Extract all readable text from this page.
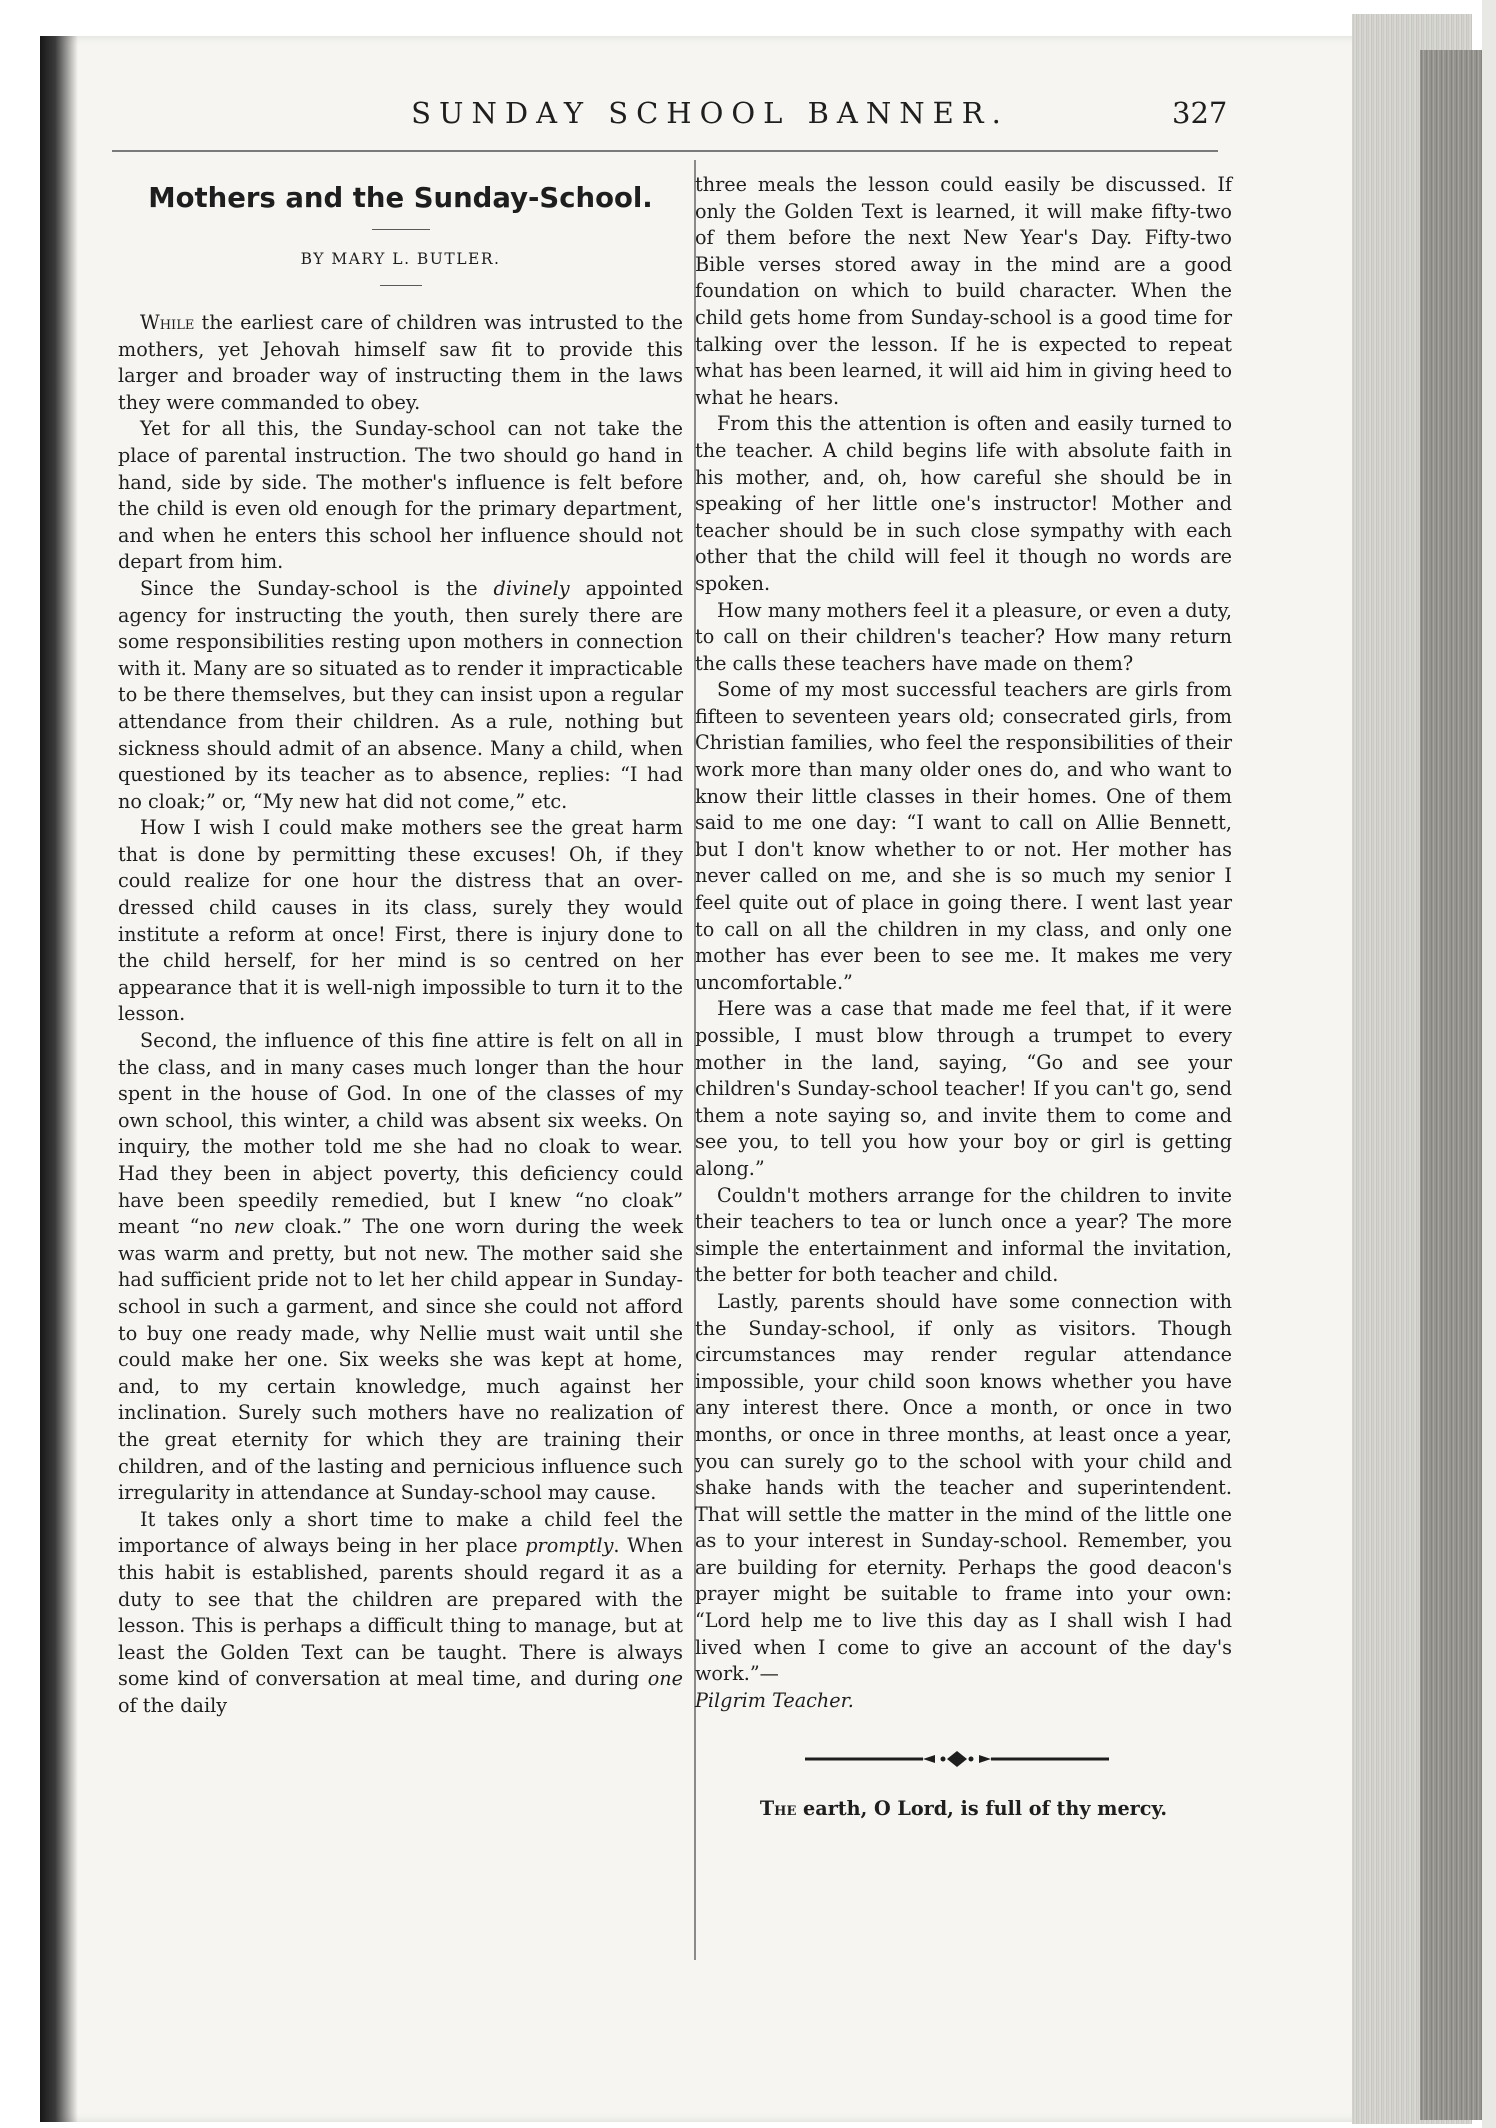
SUNDAY SCHOOL BANNER.	327
Mothers and the Sunday-School.
BY MARY L. BUTLER.

While the earliest care of children was intrusted to the mothers, yet Jehovah himself saw fit to provide this larger and broader way of instructing them in the laws they were commanded to obey.

Yet for all this, the Sunday-school can not take the place of parental instruction. The two should go hand in hand, side by side. The mother's influence is felt before the child is even old enough for the primary department, and when he enters this school her influence should not depart from him.

Since the Sunday-school is the divinely appointed agency for instructing the youth, then surely there are some responsibilities resting upon mothers in connection with it. Many are so situated as to render it impracticable to be there themselves, but they can insist upon a regular attendance from their children. As a rule, nothing but sickness should admit of an absence. Many a child, when questioned by its teacher as to absence, replies: “I had no cloak;” or, “My new hat did not come,” etc.

How I wish I could make mothers see the great harm that is done by permitting these excuses! Oh, if they could realize for one hour the distress that an over-dressed child causes in its class, surely they would institute a reform at once! First, there is injury done to the child herself, for her mind is so centred on her appearance that it is well-nigh impossible to turn it to the lesson.

Second, the influence of this fine attire is felt on all in the class, and in many cases much longer than the hour spent in the house of God. In one of the classes of my own school, this winter, a child was absent six weeks. On inquiry, the mother told me she had no cloak to wear. Had they been in abject poverty, this deficiency could have been speedily remedied, but I knew “no cloak” meant “no new cloak.” The one worn during the week was warm and pretty, but not new. The mother said she had sufficient pride not to let her child appear in Sunday-school in such a garment, and since she could not afford to buy one ready made, why Nellie must wait until she could make her one. Six weeks she was kept at home, and, to my certain knowledge, much against her inclination. Surely such mothers have no realization of the great eternity for which they are training their children, and of the lasting and pernicious influence such irregularity in attendance at Sunday-school may cause.

It takes only a short time to make a child feel the importance of always being in her place promptly. When this habit is established, parents should regard it as a duty to see that the children are prepared with the lesson. This is perhaps a difficult thing to manage, but at least the Golden Text can be taught. There is always some kind of conversation at meal time, and during one of the daily

three meals the lesson could easily be discussed. If only the Golden Text is learned, it will make fifty-two of them before the next New Year's Day. Fifty-two Bible verses stored away in the mind are a good foundation on which to build character. When the child gets home from Sunday-school is a good time for talking over the lesson. If he is expected to repeat what has been learned, it will aid him in giving heed to what he hears.

From this the attention is often and easily turned to the teacher. A child begins life with absolute faith in his mother, and, oh, how careful she should be in speaking of her little one's instructor! Mother and teacher should be in such close sympathy with each other that the child will feel it though no words are spoken.

How many mothers feel it a pleasure, or even a duty, to call on their children's teacher? How many return the calls these teachers have made on them?

Some of my most successful teachers are girls from fifteen to seventeen years old; consecrated girls, from Christian families, who feel the responsibilities of their work more than many older ones do, and who want to know their little classes in their homes. One of them said to me one day: “I want to call on Allie Bennett, but I don't know whether to or not. Her mother has never called on me, and she is so much my senior I feel quite out of place in going there. I went last year to call on all the children in my class, and only one mother has ever been to see me. It makes me very uncomfortable.”

Here was a case that made me feel that, if it were possible, I must blow through a trumpet to every mother in the land, saying, “Go and see your children's Sunday-school teacher! If you can't go, send them a note saying so, and invite them to come and see you, to tell you how your boy or girl is getting along.”

Couldn't mothers arrange for the children to invite their teachers to tea or lunch once a year? The more simple the entertainment and informal the invitation, the better for both teacher and child.

Lastly, parents should have some connection with the Sunday-school, if only as visitors. Though circumstances may render regular attendance impossible, your child soon knows whether you have any interest there. Once a month, or once in two months, or once in three months, at least once a year, you can surely go to the school with your child and shake hands with the teacher and superintendent. That will settle the matter in the mind of the little one as to your interest in Sunday-school. Remember, you are building for eternity. Perhaps the good deacon's prayer might be suitable to frame into your own: “Lord help me to live this day as I shall wish I had lived when I come to give an account of the day's work.”—
Pilgrim Teacher.

The earth, O Lord, is full of thy mercy.
